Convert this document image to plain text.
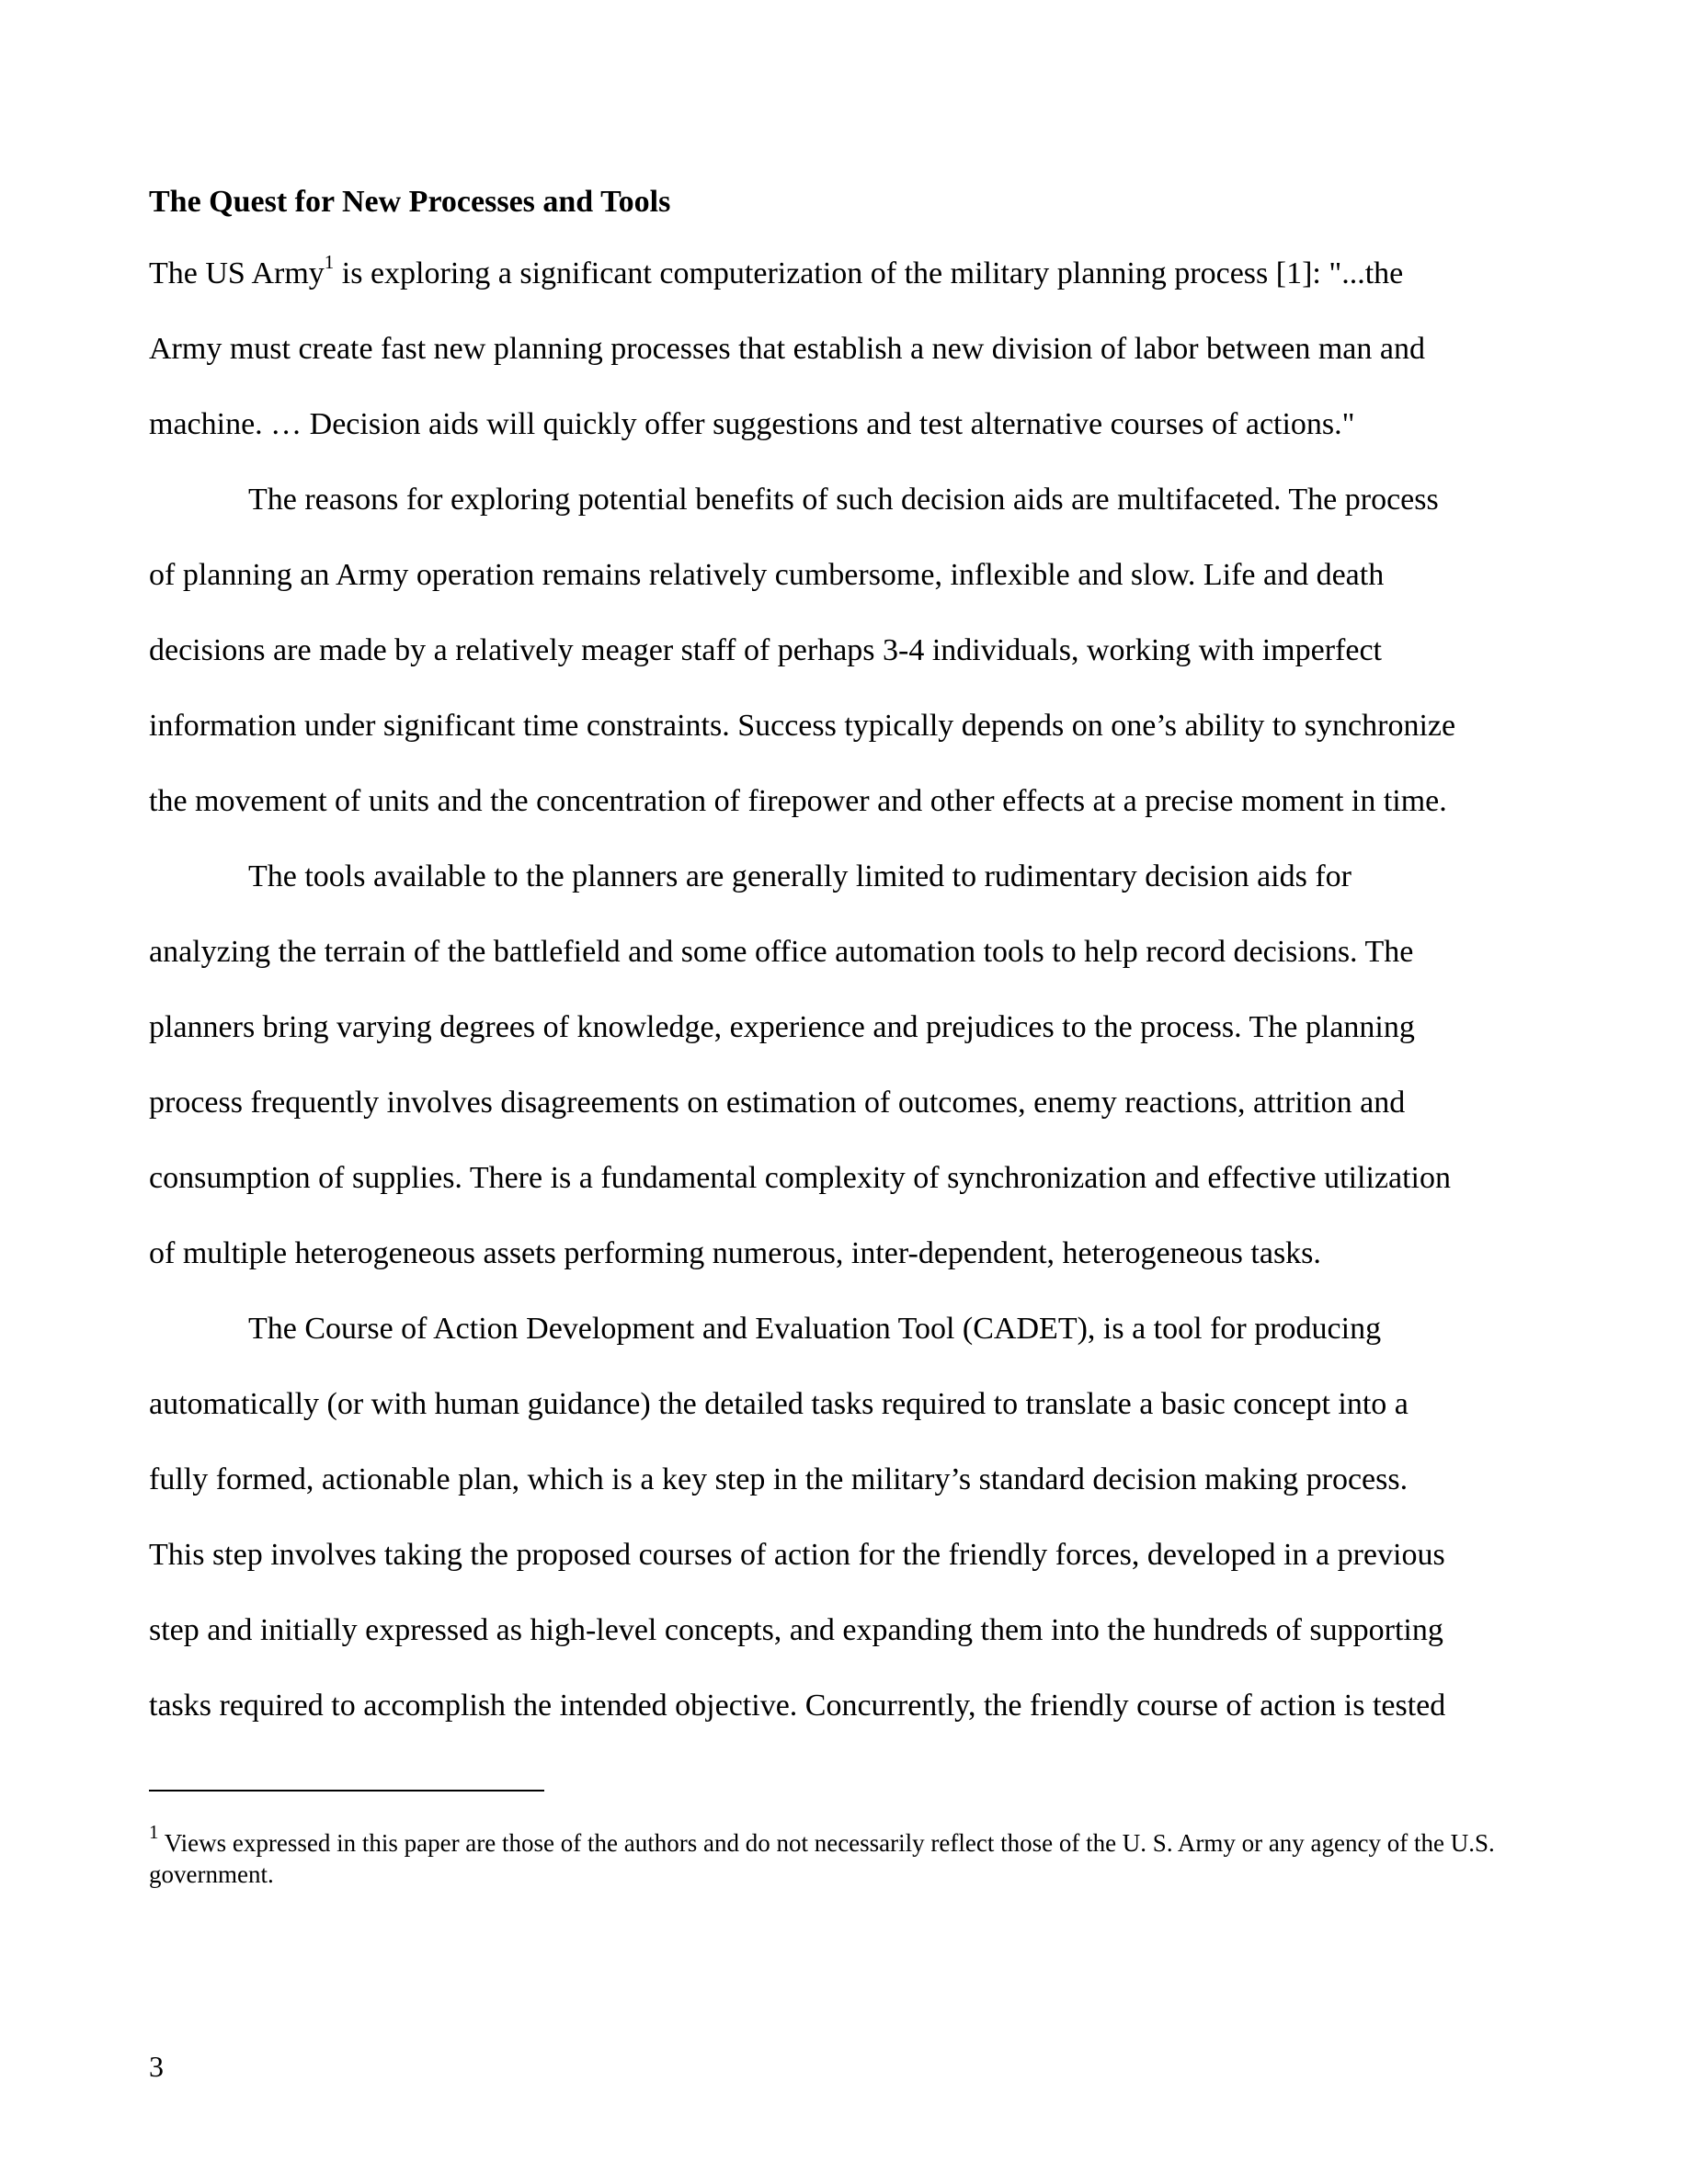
The Quest for New Processes and Tools
The US Army$^1$ is exploring a significant computerization of the military planning process [1]: "...the
Army must create fast new planning processes that establish a new division of labor between man and
machine. … Decision aids will quickly offer suggestions and test alternative courses of actions."
The reasons for exploring potential benefits of such decision aids are multifaceted. The process
of planning an Army operation remains relatively cumbersome, inflexible and slow. Life and death
decisions are made by a relatively meager staff of perhaps 3-4 individuals, working with imperfect
information under significant time constraints. Success typically depends on one’s ability to synchronize
the movement of units and the concentration of firepower and other effects at a precise moment in time.
The tools available to the planners are generally limited to rudimentary decision aids for
analyzing the terrain of the battlefield and some office automation tools to help record decisions. The
planners bring varying degrees of knowledge, experience and prejudices to the process. The planning
process frequently involves disagreements on estimation of outcomes, enemy reactions, attrition and
consumption of supplies. There is a fundamental complexity of synchronization and effective utilization
of multiple heterogeneous assets performing numerous, inter-dependent, heterogeneous tasks.
The Course of Action Development and Evaluation Tool (CADET), is a tool for producing
automatically (or with human guidance) the detailed tasks required to translate a basic concept into a
fully formed, actionable plan, which is a key step in the military’s standard decision making process.
This step involves taking the proposed courses of action for the friendly forces, developed in a previous
step and initially expressed as high-level concepts, and expanding them into the hundreds of supporting
tasks required to accomplish the intended objective. Concurrently, the friendly course of action is tested
$^1$ Views expressed in this paper are those of the authors and do not necessarily reflect those of the U. S. Army or any agency of the U.S. government.
3
